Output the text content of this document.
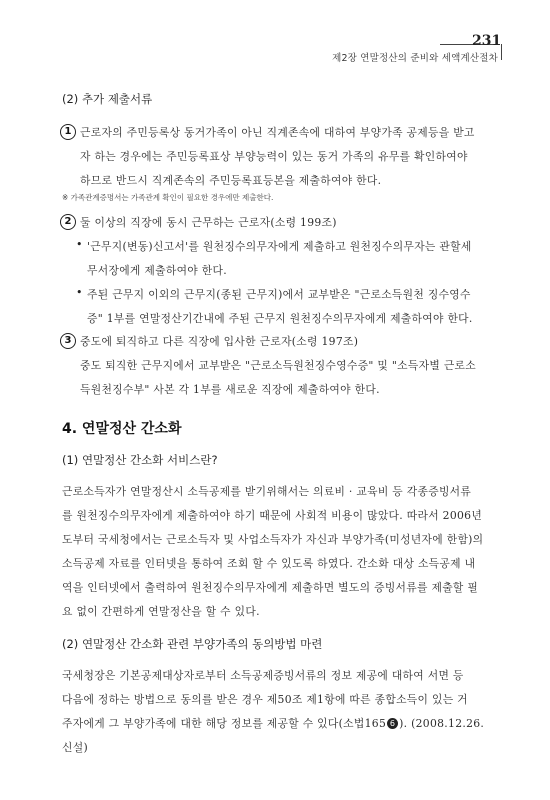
231
제2장 연말정산의 준비와 세액계산절차
(2) 추가 제출서류
1 근로자의 주민등록상 동거가족이 아닌 직계존속에 대하여 부양가족 공제등을 받고
자 하는 경우에는 주민등록표상 부양능력이 있는 동거 가족의 유무를 확인하여야
하므로 반드시 직계존속의 주민등록표등본을 제출하여야 한다.
※ 가족관계증명서는 가족관계 확인이 필요한 경우에만 제출한다.
2 둘 이상의 직장에 동시 근무하는 근로자(소령 199조)
• '근무지(변동)신고서'를 원천징수의무자에게 제출하고 원천징수의무자는 관할세
무서장에게 제출하여야 한다.
• 주된 근무지 이외의 근무지(종된 근무지)에서 교부받은 "근로소득원천 징수영수
증" 1부를 연말정산기간내에 주된 근무지 원천징수의무자에게 제출하여야 한다.
3 중도에 퇴직하고 다른 직장에 입사한 근로자(소령 197조)
중도 퇴직한 근무지에서 교부받은 "근로소득원천징수영수증" 및 "소득자별 근로소
득원천징수부" 사본 각 1부를 새로운 직장에 제출하여야 한다.
4. 연말정산 간소화
(1) 연말정산 간소화 서비스란?
근로소득자가 연말정산시 소득공제를 받기위해서는 의료비 · 교육비 등 각종증빙서류
를 원천징수의무자에게 제출하여야 하기 때문에 사회적 비용이 많았다. 따라서 2006년
도부터 국세청에서는 근로소득자 및 사업소득자가 자신과 부양가족(미성년자에 한함)의
소득공제 자료를 인터넷을 통하여 조회 할 수 있도록 하였다. 간소화 대상 소득공제 내
역을 인터넷에서 출력하여 원천징수의무자에게 제출하면 별도의 증빙서류를 제출할 필
요 없이 간편하게 연말정산을 할 수 있다.
(2) 연말정산 간소화 관련 부양가족의 동의방법 마련
국세청장은 기본공제대상자로부터 소득공제증빙서류의 정보 제공에 대하여 서면 등
다음에 정하는 방법으로 동의를 받은 경우 제50조 제1항에 따른 종합소득이 있는 거
주자에게 그 부양가족에 대한 해당 정보를 제공할 수 있다(소법165 6 ). (2008.12.26.
신설)
